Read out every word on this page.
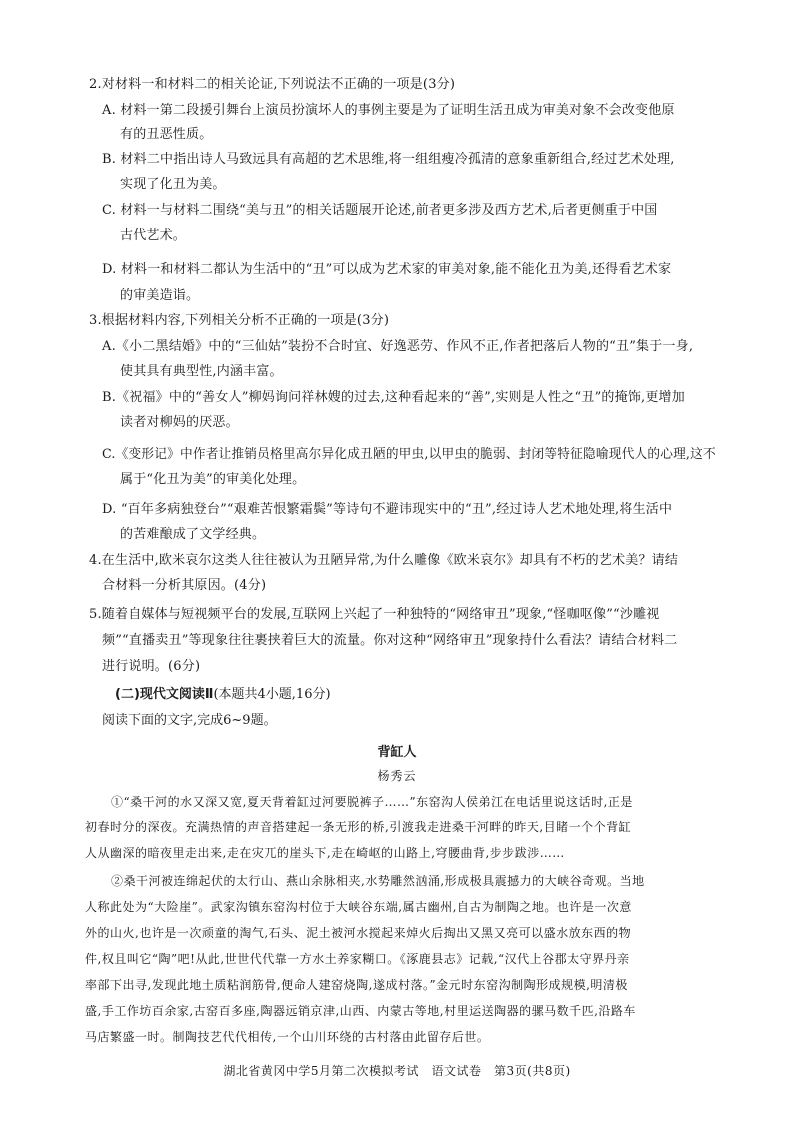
2.对材料一和材料二的相关论证,下列说法不正确的一项是(3分)
A. 材料一第二段援引舞台上演员扮演坏人的事例主要是为了证明生活丑成为审美对象不会改变他原
有的丑恶性质。
B. 材料二中指出诗人马致远具有高超的艺术思维,将一组组瘦冷孤清的意象重新组合,经过艺术处理,
实现了化丑为美。
C. 材料一与材料二围绕“美与丑”的相关话题展开论述,前者更多涉及西方艺术,后者更侧重于中国
古代艺术。
D. 材料一和材料二都认为生活中的“丑”可以成为艺术家的审美对象,能不能化丑为美,还得看艺术家
的审美造诣。
3.根据材料内容,下列相关分析不正确的一项是(3分)
A.《小二黑结婚》中的“三仙姑”装扮不合时宜、好逸恶劳、作风不正,作者把落后人物的“丑”集于一身,
使其具有典型性,内涵丰富。
B.《祝福》中的“善女人”柳妈询问祥林嫂的过去,这种看起来的“善”,实则是人性之“丑”的掩饰,更增加
读者对柳妈的厌恶。
C.《变形记》中作者让推销员格里高尔异化成丑陋的甲虫,以甲虫的脆弱、封闭等特征隐喻现代人的心理,这不
属于“化丑为美”的审美化处理。
D. “百年多病独登台”“艰难苦恨繁霜鬓”等诗句不避讳现实中的“丑”,经过诗人艺术地处理,将生活中
的苦难酿成了文学经典。
4.在生活中,欧米哀尔这类人往往被认为丑陋异常,为什么雕像《欧米哀尔》却具有不朽的艺术美？请结
合材料一分析其原因。(4分)
5.随着自媒体与短视频平台的发展,互联网上兴起了一种独特的“网络审丑”现象,“怪咖呕像”“沙雕视
频”“直播卖丑”等现象往往裹挟着巨大的流量。你对这种“网络审丑”现象持什么看法？请结合材料二
进行说明。(6分)
(二)现代文阅读Ⅱ(本题共4小题,16分)
阅读下面的文字,完成6~9题。
背缸人
杨秀云
①“桑干河的水又深又宽,夏天背着缸过河要脱裤子……”东窑沟人侯弟江在电话里说这话时,正是
初春时分的深夜。充满热情的声音搭建起一条无形的桥,引渡我走进桑干河畔的昨天,目睹一个个背缸
人从幽深的暗夜里走出来,走在灾兀的崖头下,走在崎岖的山路上,穹腰曲背,步步跋涉……
②桑干河被连绵起伏的太行山、燕山余脉相夹,水势雕然汹涌,形成极具震撼力的大峡谷奇观。当地
人称此处为“大险崖”。武家沟镇东窑沟村位于大峡谷东端,属古幽州,自古为制陶之地。也许是一次意
外的山火,也许是一次顽童的淘气,石头、泥土被河水搅起来焯火后掏出又黑又亮可以盛水放东西的物
件,权且叫它“陶”吧!从此,世世代代靠一方水土养家糊口。《涿鹿县志》记载,“汉代上谷郡太守界丹亲
率部下出寻,发现此地土质粘润筋骨,便命人建窑烧陶,遂成村落。”金元时东窑沟制陶形成规模,明清极
盛,手工作坊百余家,古窑百多座,陶器远销京津,山西、内蒙古等地,村里运送陶器的骡马数千匹,沿路车
马店繁盛一时。制陶技艺代代相传,一个山川环绕的古村落由此留存后世。
湖北省黄冈中学5月第二次模拟考试　语文试卷　第3页(共8页)
